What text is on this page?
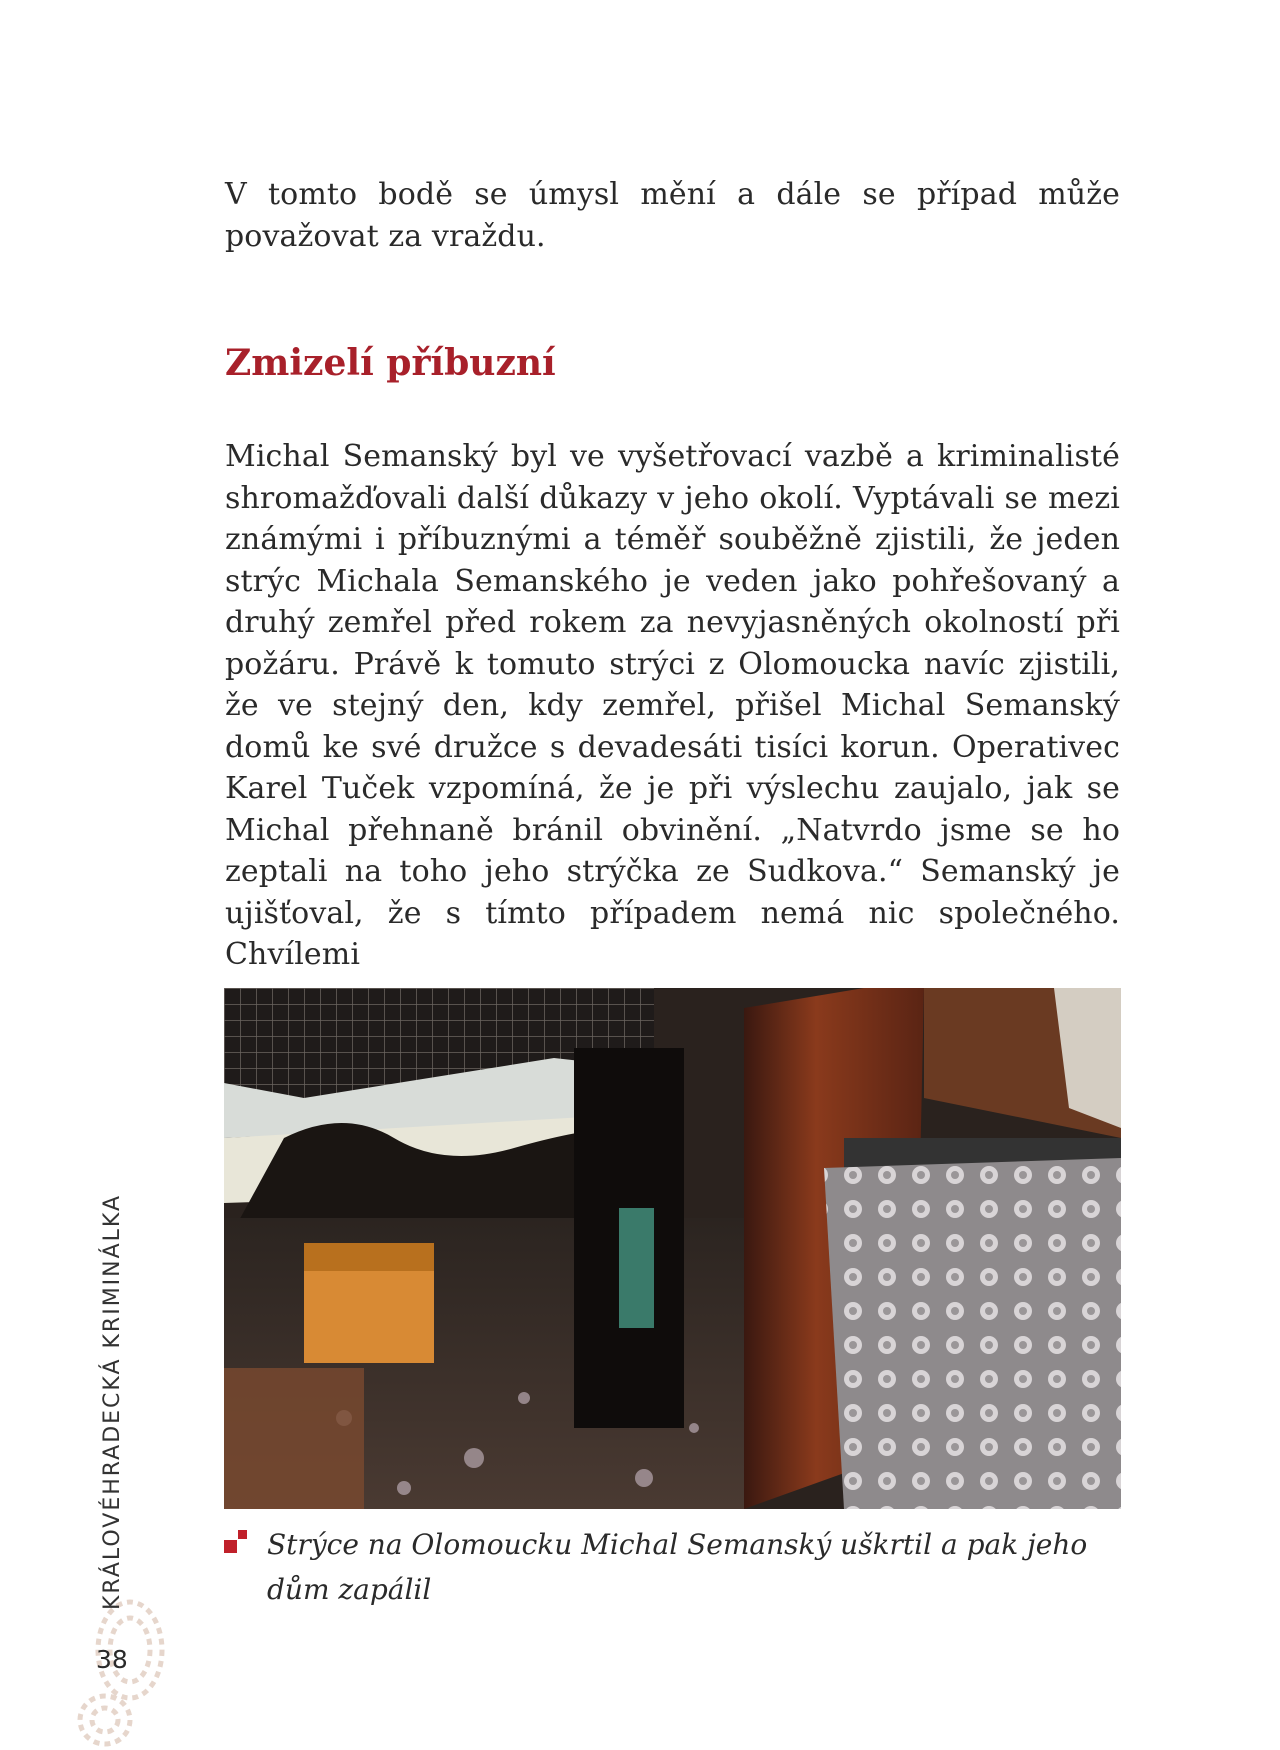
V tomto bodě se úmysl mění a dále se případ může považovat za vraždu.

Zmizelí příbuzní

Michal Semanský byl ve vyšetřovací vazbě a kriminalisté shromažďovali další důkazy v jeho okolí. Vyptávali se mezi známými i příbuznými a téměř souběžně zjistili, že jeden strýc Michala Semanského je veden jako pohřešovaný a druhý zemřel před rokem za nevyjasněných okolností při požáru. Právě k tomuto strýci z Olomoucka navíc zjistili, že ve stejný den, kdy zemřel, přišel Michal Semanský domů ke své družce s devadesáti tisíci korun. Operativec Karel Tuček vzpomíná, že je při výslechu zaujalo, jak se Michal přehnaně bránil obvinění. „Natvrdo jsme se ho zeptali na toho jeho strýčka ze Sudkova.“ Semanský je ujišťoval, že s tímto případem nemá nic společného. Chvílemi

Strýce na Olomoucku Michal Semanský uškrtil a pak jeho dům zapálil

KRÁLOVÉHRADECKÁ KRIMINÁLKA
38
